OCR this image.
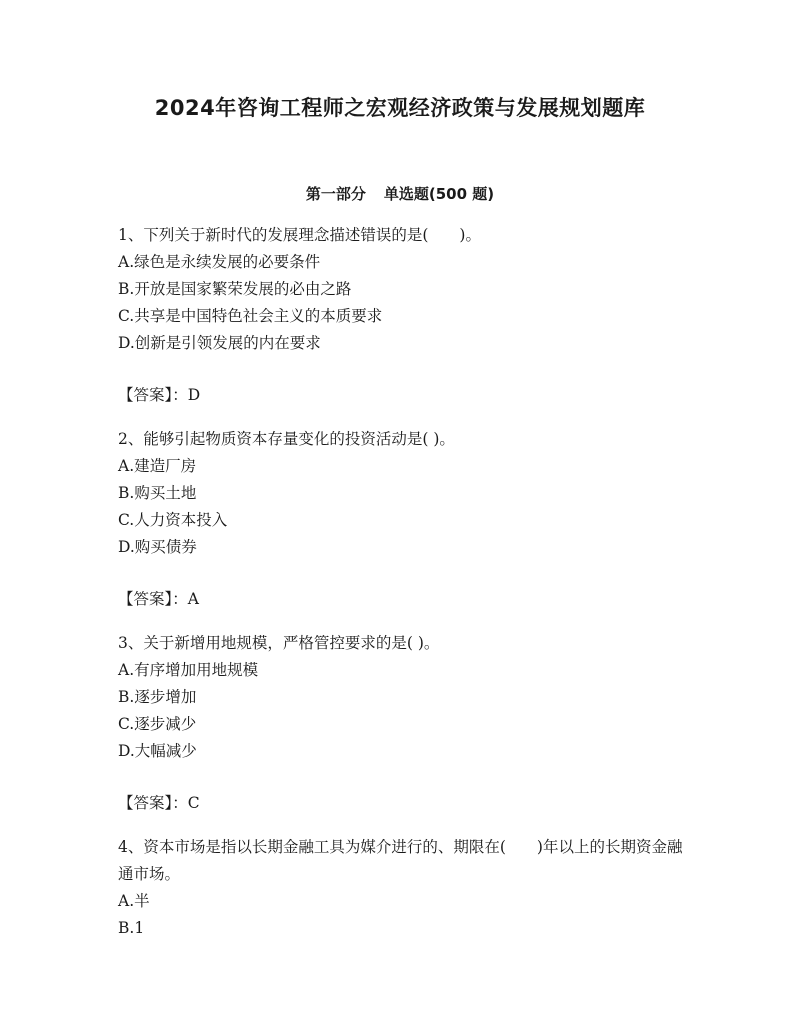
2024年咨询工程师之宏观经济政策与发展规划题库
第一部分 单选题(500 题)

1、下列关于新时代的发展理念描述错误的是(　　)。

A.绿色是永续发展的必要条件

B.开放是国家繁荣发展的必由之路

C.共享是中国特色社会主义的本质要求

D.创新是引领发展的内在要求

【答案】：D

2、能够引起物质资本存量变化的投资活动是( )。

A.建造厂房

B.购买土地

C.人力资本投入

D.购买债券

【答案】：A

3、关于新增用地规模，严格管控要求的是( )。

A.有序增加用地规模

B.逐步增加

C.逐步减少

D.大幅减少

【答案】：C

4、资本市场是指以长期金融工具为媒介进行的、期限在(　　)年以上的长期资金融通市场。

A.半

B.1
